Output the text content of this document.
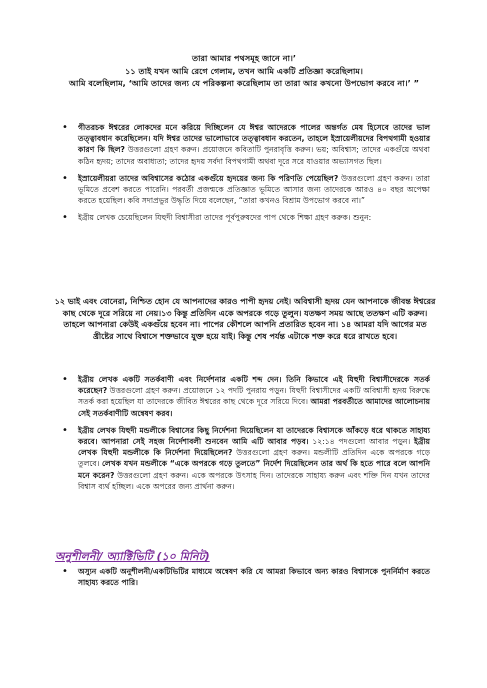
তারা আমার পথসমূহ জানে না।’
১১ তাই যখন আমি রেগে গেলাম, তখন আমি একটি প্রতিজ্ঞা করেছিলাম।
আমি বলেছিলাম, ‘আমি তাদের জন্য যে পরিকল্পনা করেছিলাম তা তারা আর কখনো উপভোগ করবে না।’ ”
• গীতরচক ঈশ্বরের লোকদের মনে করিয়ে দিচ্ছিলেন যে ঈশ্বর আদেরকে পালের অন্তর্গত মেষ হিসেবে তাদের ভাল তত্ত্বাবধান করেছিলেন। যদি ঈশ্বর তাদের ভালোভাবে তত্ত্বাবধান করতেন, তাহলে ইস্রায়েলীয়দের বিপথগামী হওয়ার কারণ কি ছিল? উত্তরগুলো গ্রহণ করুন। প্রয়োজনে কবিতাটি পুনরাবৃত্তি করুন। ভয়; অবিশ্বাস; তাদের একগুঁয়ে অথবা কঠিন হৃদয়; তাদের অবাধ্যতা; তাদের হৃদয় সর্বদা বিপথগামী অথবা দূরে সরে যাওয়ার অভ্যাসগত ছিল।
• ইস্রায়েলীয়রা তাদের অবিশ্বাসের কঠোর একগুঁয়ে হৃদয়ের জন্য কি পরিণতি পেয়েছিল? উত্তরগুলো গ্রহণ করুন। তারা ভূমিতে প্রবেশ করতে পারেনি। পরবর্তী প্রজন্মকে প্রতিজ্ঞাত ভূমিতে আসার জন্য তাদেরকে আরও ৪০ বছর অপেক্ষা করতে হয়েছিল। কবি সদাপ্রভুর উদ্ধৃতি দিয়ে বলেছেন, “তারা কখনও বিশ্রাম উপভোগ করবে না।”
• ইব্রীয় লেখক চেয়েছিলেন যিহুদী বিশ্বাসীরা তাদের পূর্বপুরুষদের পাপ থেকে শিক্ষা গ্রহণ করুক। শুনুন:
১২ ভাই এবং বোনেরা, নিশ্চিত হোন যে আপনাদের কারও পাপী হৃদয় নেই। অবিশ্বাসী হৃদয় যেন আপনাকে জীবন্ত ঈশ্বরের কাছ থেকে দূরে সরিয়ে না নেয়।১৩ কিন্তু প্রতিদিন একে অপরকে গড়ে তুলুন। যতক্ষণ সময় আছে ততক্ষণ এটি করুন। তাহলে আপনারা কেউই একগুঁয়ে হবেন না। পাপের কৌশলে আপনি প্রতারিত হবেন না। ১৪ আমরা যদি আগের মত খ্রীষ্টের সাথে বিশ্বাসে শক্তভাবে যুক্ত হয়ে যাই। কিন্তু শেষ পর্যন্ত এটাকে শক্ত করে ধরে রাখতে হবে।
• ইব্রীয় লেখক একটি সতর্কবাণী এবং নির্দেশনার একটি শব্দ দেন। তিনি কিভাবে এই যিহুদী বিশ্বাসীদেরকে সতর্ক করেছেন? উত্তরগুলো গ্রহণ করুন। প্রয়োজনে ১২ পদটি পুনরায় পড়ুন। যিহুদী বিশ্বাসীদের একটি অবিশ্বাসী হৃদয় বিরুদ্ধে সতর্ক করা হয়েছিল যা তাদেরকে জীবিত ঈশ্বরের কাছ থেকে দূরে সরিয়ে দিবে। আমরা পরবর্তীতে আমাদের আলোচনায় সেই সতর্কবাণীটি অন্বেষণ করব।
• ইব্রীয় লেখক যিহুদী মন্ডলীকে বিশ্বাসের কিছু নির্দেশনা দিয়েছিলেন যা তাদেরকে বিশ্বাসকে আঁকড়ে ধরে থাকতে সাহায্য করবে। আপনারা সেই সহজ নির্দেশাবলী শুনবেন আমি এটি আবার পড়ব। ১২:১৪ পদগুলো আবার পড়ুন। ইব্রীয় লেখক যিহুদী মন্ডলীকে কি নির্দেশনা দিয়েছিলেন? উত্তরগুলো গ্রহণ করুন। মন্ডলীটি প্রতিদিন একে অপরকে গড়ে তুলবে। লেখক যখন মন্ডলীকে “একে অপরকে গড়ে তুলতে” নির্দেশ দিয়েছিলেন তার অর্থ কি হতে পারে বলে আপনি মনে করেন? উত্তরগুলো গ্রহণ করুন। একে অপরকে উৎসাহ দিন। তাদেরকে সাহায্য করুন এবং শক্তি দিন যখন তাদের বিশ্বাস ব্যর্থ হচ্ছিল। একে অপরের জন্য প্রার্থনা করুন।
অনুশীলনী/ অ্যাক্টিভিটি (১০ মিনিট)
• অস্যুন একটি অনুশীলনী/একটিভিটির মাধ্যমে অন্বেষণ করি যে আমরা কিভাবে অন্য কারও বিশ্বাসকে পুনর্নির্মাণ করতে সাহায্য করতে পারি।
